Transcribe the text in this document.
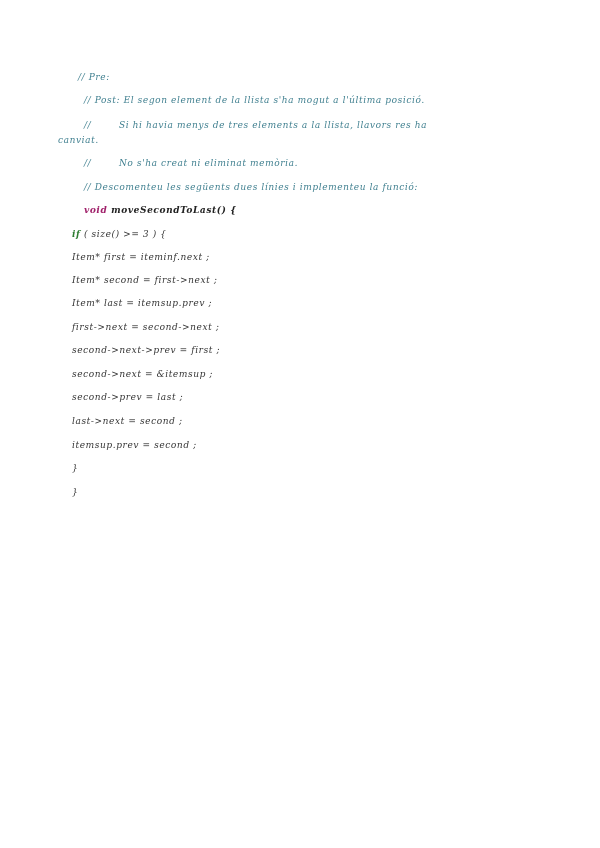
// Pre:
// Post: El segon element de la llista s'ha mogut a l'última posició.
//        Si hi havia menys de tres elements a la llista, llavors res ha
canviat.
//        No s'ha creat ni eliminat memòria.
// Descomenteu les següents dues línies i implementeu la funció:
void moveSecondToLast() {
if ( size() >= 3 ) {
Item* first = iteminf.next ;
Item* second = first->next ;
Item* last = itemsup.prev ;
first->next = second->next ;
second->next->prev = first ;
second->next = &itemsup ;
second->prev = last ;
last->next = second ;
itemsup.prev = second ;
}
}
